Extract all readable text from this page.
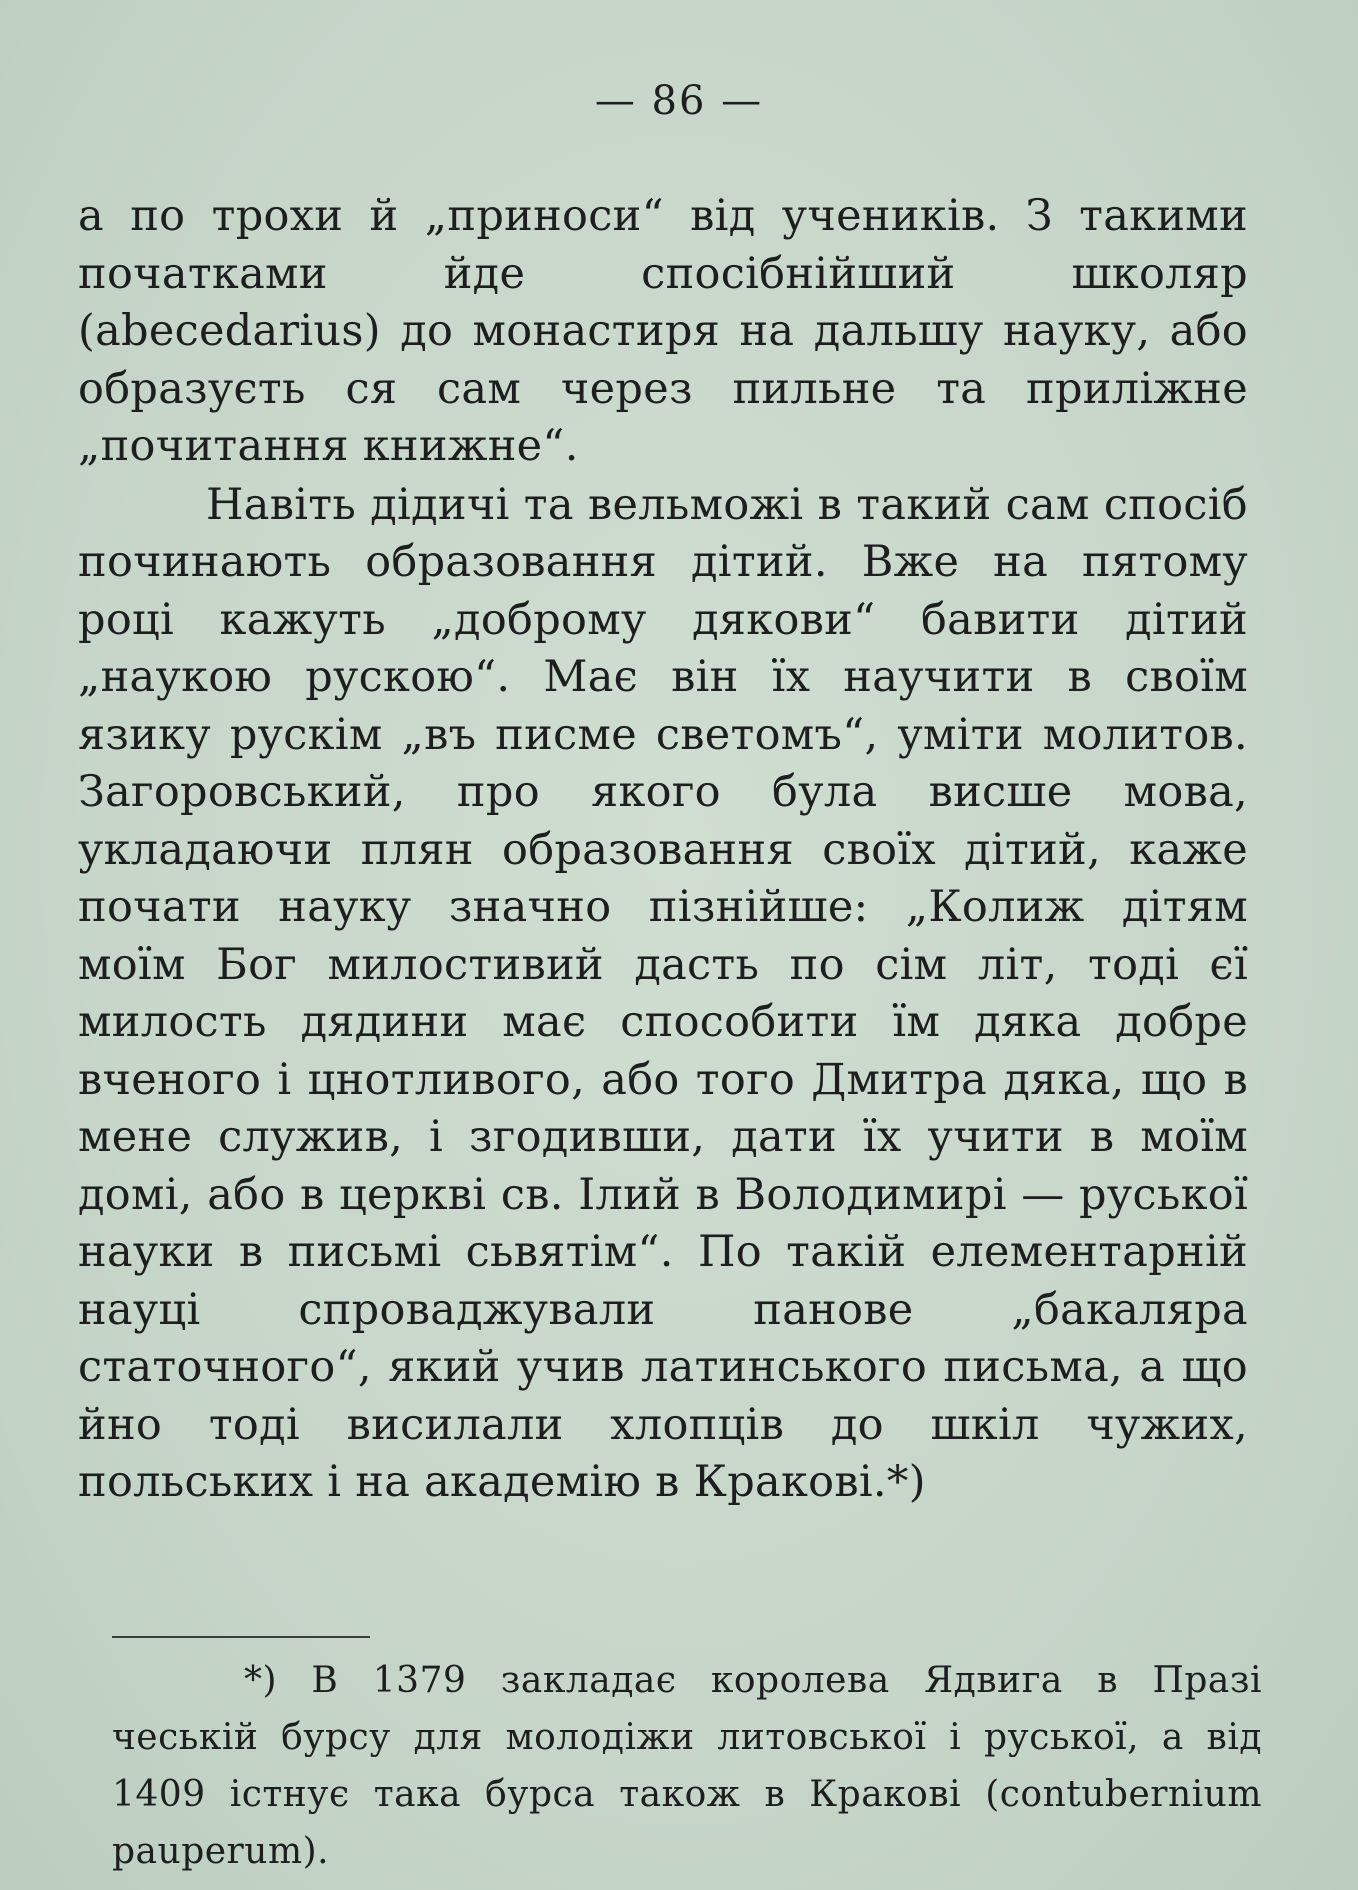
— 86 —

а по трохи й „приноси“ від учеників. З такими початками йде спосібнійший школяр (abecedarius) до монастиря на дальшу науку, або образуєть ся сам через пильне та приліжне „почитання книжне“.

Навіть дідичі та вельможі в такий сам спосіб починають образовання дітий. Вже на пятому році кажуть „доброму дякови“ бавити дітий „наукою рускою“. Має він їх научити в своїм язику рускім „въ писме светомъ“, уміти молитов. Загоровський, про якого була висше мова, укладаючи плян образовання своїх дітий, каже почати науку значно пізнійше: „Колиж дітям моїм Бог милостивий дасть по сім літ, тоді єї милость дядини має способити їм дяка добре вченого і цнотливого, або того Дмитра дяка, що в мене служив, і згодивши, дати їх учити в моїм домі, або в церкві св. Ілий в Володимирі — руської науки в письмі сьвятім“. По такій елементарній науці спроваджували панове „бакаляра статочного“, який учив латинського письма, а що йно тоді висилали хлопців до шкіл чужих, польських і на академію в Кракові.*)

*) В 1379 закладає королева Ядвига в Празі чеській бурсу для молодіжи литовської і руської, а від 1409 істнує така бурса також в Кракові (contubernium pauperum).
